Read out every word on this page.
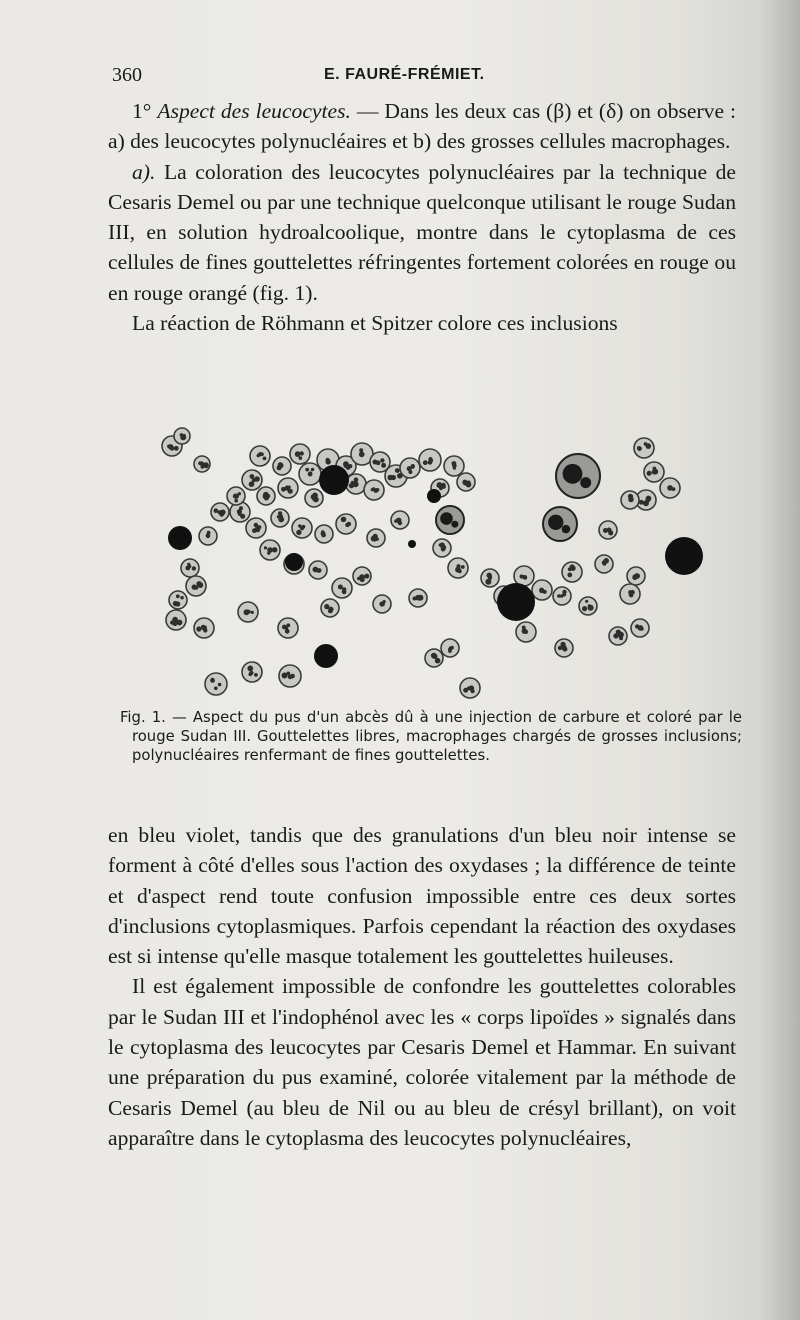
360	E. FAURÉ-FRÉMIET.

1° Aspect des leucocytes. — Dans les deux cas (β) et (δ) on observe : a) des leucocytes polynucléaires et b) des grosses cellules macrophages.

a). La coloration des leucocytes polynucléaires par la technique de Cesaris Demel ou par une technique quelconque utilisant le rouge Sudan III, en solution hydroalcoolique, montre dans le cytoplasma de ces cellules de fines gouttelettes réfringentes fortement colorées en rouge ou en rouge orangé (fig. 1).

La réaction de Röhmann et Spitzer colore ces inclusions

Fig. 1. — Aspect du pus d'un abcès dû à une injection de carbure et coloré par le rouge Sudan III. Gouttelettes libres, macrophages chargés de grosses inclusions; polynucléaires renfermant de fines gouttelettes.

en bleu violet, tandis que des granulations d'un bleu noir intense se forment à côté d'elles sous l'action des oxydases ; la différence de teinte et d'aspect rend toute confusion impossible entre ces deux sortes d'inclusions cytoplasmiques. Parfois cependant la réaction des oxydases est si intense qu'elle masque totalement les gouttelettes huileuses.

Il est également impossible de confondre les gouttelettes colorables par le Sudan III et l'indophénol avec les « corps lipoïdes » signalés dans le cytoplasma des leucocytes par Cesaris Demel et Hammar. En suivant une préparation du pus examiné, colorée vitalement par la méthode de Cesaris Demel (au bleu de Nil ou au bleu de crésyl brillant), on voit apparaître dans le cytoplasma des leucocytes polynucléaires,
